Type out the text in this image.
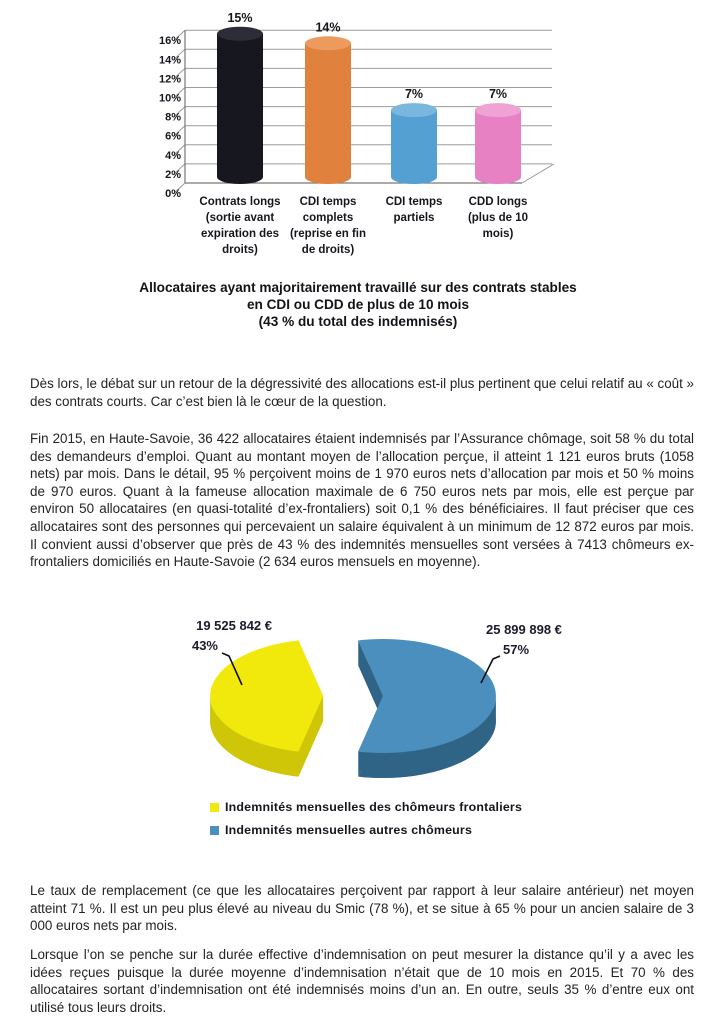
0%
2%
4%
6%
8%
10%
12%
14%
16%
15%
Contrats longs
(sortie avant
expiration des
droits)
14%
CDI temps
complets
(reprise en fin
de droits)
7%
CDI temps
partiels
7%
CDD longs
(plus de 10
mois)
Allocataires ayant majoritairement travaillé sur des contrats stables
en CDI ou CDD de plus de 10 mois
(43 % du total des indemnisés)

Dès lors, le débat sur un retour de la dégressivité des allocations est-il plus pertinent que celui relatif au « coût » des contrats courts. Car c’est bien là le cœur de la question.

Fin 2015, en Haute-Savoie, 36 422 allocataires étaient indemnisés par l’Assurance chômage, soit 58 % du total des demandeurs d’emploi. Quant au montant moyen de l’allocation perçue, il atteint 1 121 euros bruts (1058 nets) par mois. Dans le détail, 95 % perçoivent moins de 1 970 euros nets d’allocation par mois et 50 % moins de 970 euros. Quant à la fameuse allocation maximale de 6 750 euros nets par mois, elle est perçue par environ 50 allocataires (en quasi-totalité d’ex-frontaliers) soit 0,1 % des bénéficiaires. Il faut préciser que ces allocataires sont des personnes qui percevaient un salaire équivalent à un minimum de 12 872 euros par mois. Il convient aussi d’observer que près de 43 % des indemnités mensuelles sont versées à 7413 chômeurs ex-frontaliers domiciliés en Haute-Savoie (2 634 euros mensuels en moyenne).

19 525 842 €
43%
25 899 898 €
57%
Indemnités mensuelles des chômeurs frontaliers
Indemnités mensuelles autres chômeurs

Le taux de remplacement (ce que les allocataires perçoivent par rapport à leur salaire antérieur) net moyen atteint 71 %. Il est un peu plus élevé au niveau du Smic (78 %), et se situe à 65 % pour un ancien salaire de 3 000 euros nets par mois.

Lorsque l’on se penche sur la durée effective d’indemnisation on peut mesurer la distance qu’il y a avec les idées reçues puisque la durée moyenne d’indemnisation n’était que de 10 mois en 2015. Et 70 % des allocataires sortant d’indemnisation ont été indemnisés moins d’un an. En outre, seuls 35 % d’entre eux ont utilisé tous leurs droits.
